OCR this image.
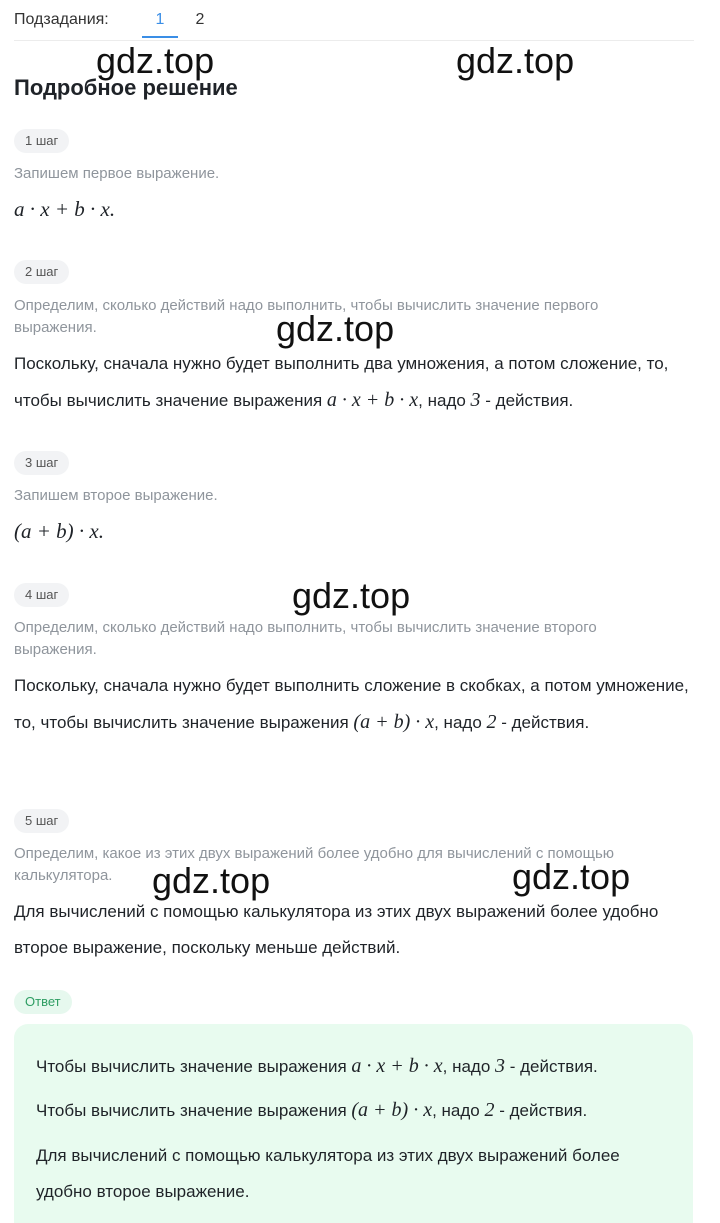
Подзадания:	1	2
Подробное решение
1 шаг
Запишем первое выражение.
a · x + b · x.
2 шаг
Определим, сколько действий надо выполнить, чтобы вычислить значение первого выражения.
Поскольку, сначала нужно будет выполнить два умножения, а потом сложение, то, чтобы вычислить значение выражения a · x + b · x, надо 3 - действия.
3 шаг
Запишем второе выражение.
(a + b) · x.
4 шаг
Определим, сколько действий надо выполнить, чтобы вычислить значение второго выражения.
Поскольку, сначала нужно будет выполнить сложение в скобках, а потом умножение, то, чтобы вычислить значение выражения (a + b) · x, надо 2 - действия.
5 шаг
Определим, какое из этих двух выражений более удобно для вычислений с помощью калькулятора.
Для вычислений с помощью калькулятора из этих двух выражений более удобно второе выражение, поскольку меньше действий.
Ответ
Чтобы вычислить значение выражения a · x + b · x, надо 3 - действия.
Чтобы вычислить значение выражения (a + b) · x, надо 2 - действия.
Для вычислений с помощью калькулятора из этих двух выражений более удобно второе выражение.
gdz.top	gdz.top
gdz.top
gdz.top
gdz.top	gdz.top
